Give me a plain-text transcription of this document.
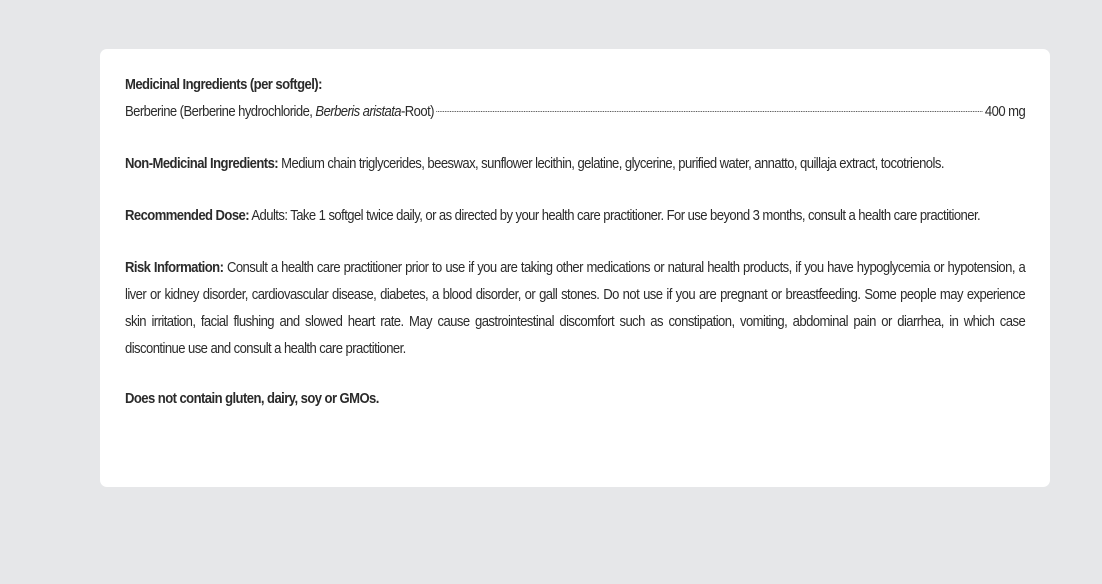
Medicinal Ingredients (per softgel):
Berberine (Berberine hydrochloride, Berberis aristata-Root)	400 mg

Non-Medicinal Ingredients: Medium chain triglycerides, beeswax, sunflower lecithin, gelatine, glycerine, purified water, annatto, quillaja extract, tocotrienols.

Recommended Dose: Adults: Take 1 softgel twice daily, or as directed by your health care practitioner. For use beyond 3 months, consult a health care practitioner.

Risk Information: Consult a health care practitioner prior to use if you are taking other medications or natural health products, if you have hypoglycemia or hypotension, a liver or kidney disorder, cardiovascular disease, diabetes, a blood disorder, or gall stones. Do not use if you are pregnant or breastfeeding. Some people may experience skin irritation, facial flushing and slowed heart rate. May cause gastrointestinal discomfort such as constipation, vomiting, abdominal pain or diarrhea, in which case discontinue use and consult a health care practitioner.

Does not contain gluten, dairy, soy or GMOs.
